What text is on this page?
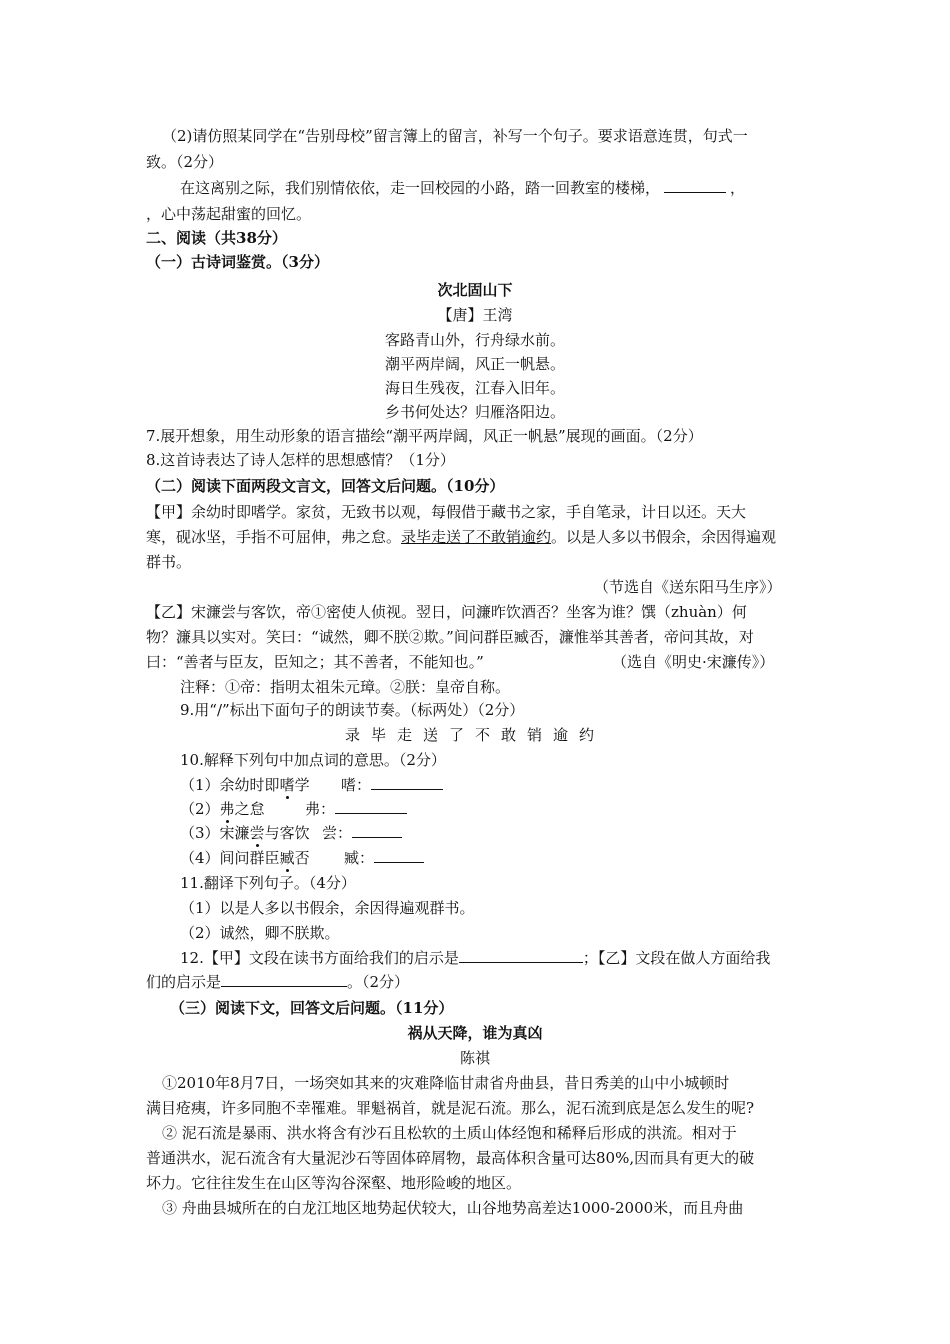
（2)请仿照某同学在“告别母校”留言簿上的留言，补写一个句子。要求语意连贯，句式一
致。（2分）
在这离别之际，我们别情依依，走一回校园的小路，踏一回教室的楼梯，	，
，心中荡起甜蜜的回忆。
二、阅读（共38分）
（一）古诗词鉴赏。（3分）
次北固山下
【唐】王湾
客路青山外，行舟绿水前。
潮平两岸阔，风正一帆悬。
海日生残夜，江春入旧年。
乡书何处达？归雁洛阳边。
7.展开想象，用生动形象的语言描绘“潮平两岸阔，风正一帆悬”展现的画面。（2分）
8.这首诗表达了诗人怎样的思想感情？（1分）
（二）阅读下面两段文言文，回答文后问题。（10分）
【甲】余幼时即嗜学。家贫，无致书以观，每假借于藏书之家，手自笔录，计日以还。天大
寒，砚冰坚，手指不可屈伸，弗之怠。录毕走送了不敢销逾约。以是人多以书假余，余因得遍观
群书。
（节选自《送东阳马生序》）
【乙】宋濂尝与客饮，帝①密使人侦视。翌日，问濂昨饮酒否？坐客为谁？馔（zhuàn）何
物？濂具以实对。笑曰：“诚然，卿不朕②欺。”间问群臣臧否，濂惟举其善者，帝问其故，对
曰：“善者与臣友，臣知之；其不善者，不能知也。”	（选自《明史·宋濂传》）
注释：①帝：指明太祖朱元璋。②朕：皇帝自称。
9.用“/”标出下面句子的朗读节奏。（标两处）（2分）
录毕走送了不敢销逾约
10.解释下列句中加点词的意思。（2分）
（1）余幼时即嗜学 嗜：
（2）弗之怠	弗：
（3）宋濂尝与客饮 尝：
（4）间问群臣臧否 臧：
11.翻译下列句子。（4分）
（1）以是人多以书假余，余因得遍观群书。
（2）诚然，卿不朕欺。
12.【甲】文段在读书方面给我们的启示是	；【乙】文段在做人方面给我
们的启示是	。（2分）
（三）阅读下文，回答文后问题。（11分）
祸从天降，谁为真凶
陈祺
①2010年8月7日，一场突如其来的灾难降临甘肃省舟曲县，昔日秀美的山中小城顿时
满目疮痍，许多同胞不幸罹难。罪魁祸首，就是泥石流。那么，泥石流到底是怎么发生的呢?
② 泥石流是暴雨、洪水将含有沙石且松软的土质山体经饱和稀释后形成的洪流。相对于
普通洪水，泥石流含有大量泥沙石等固体碎屑物，最高体积含量可达80%,因而具有更大的破
坏力。它往往发生在山区等沟谷深壑、地形险峻的地区。
③ 舟曲县城所在的白龙江地区地势起伏较大，山谷地势高差达1000-2000米，而且舟曲
